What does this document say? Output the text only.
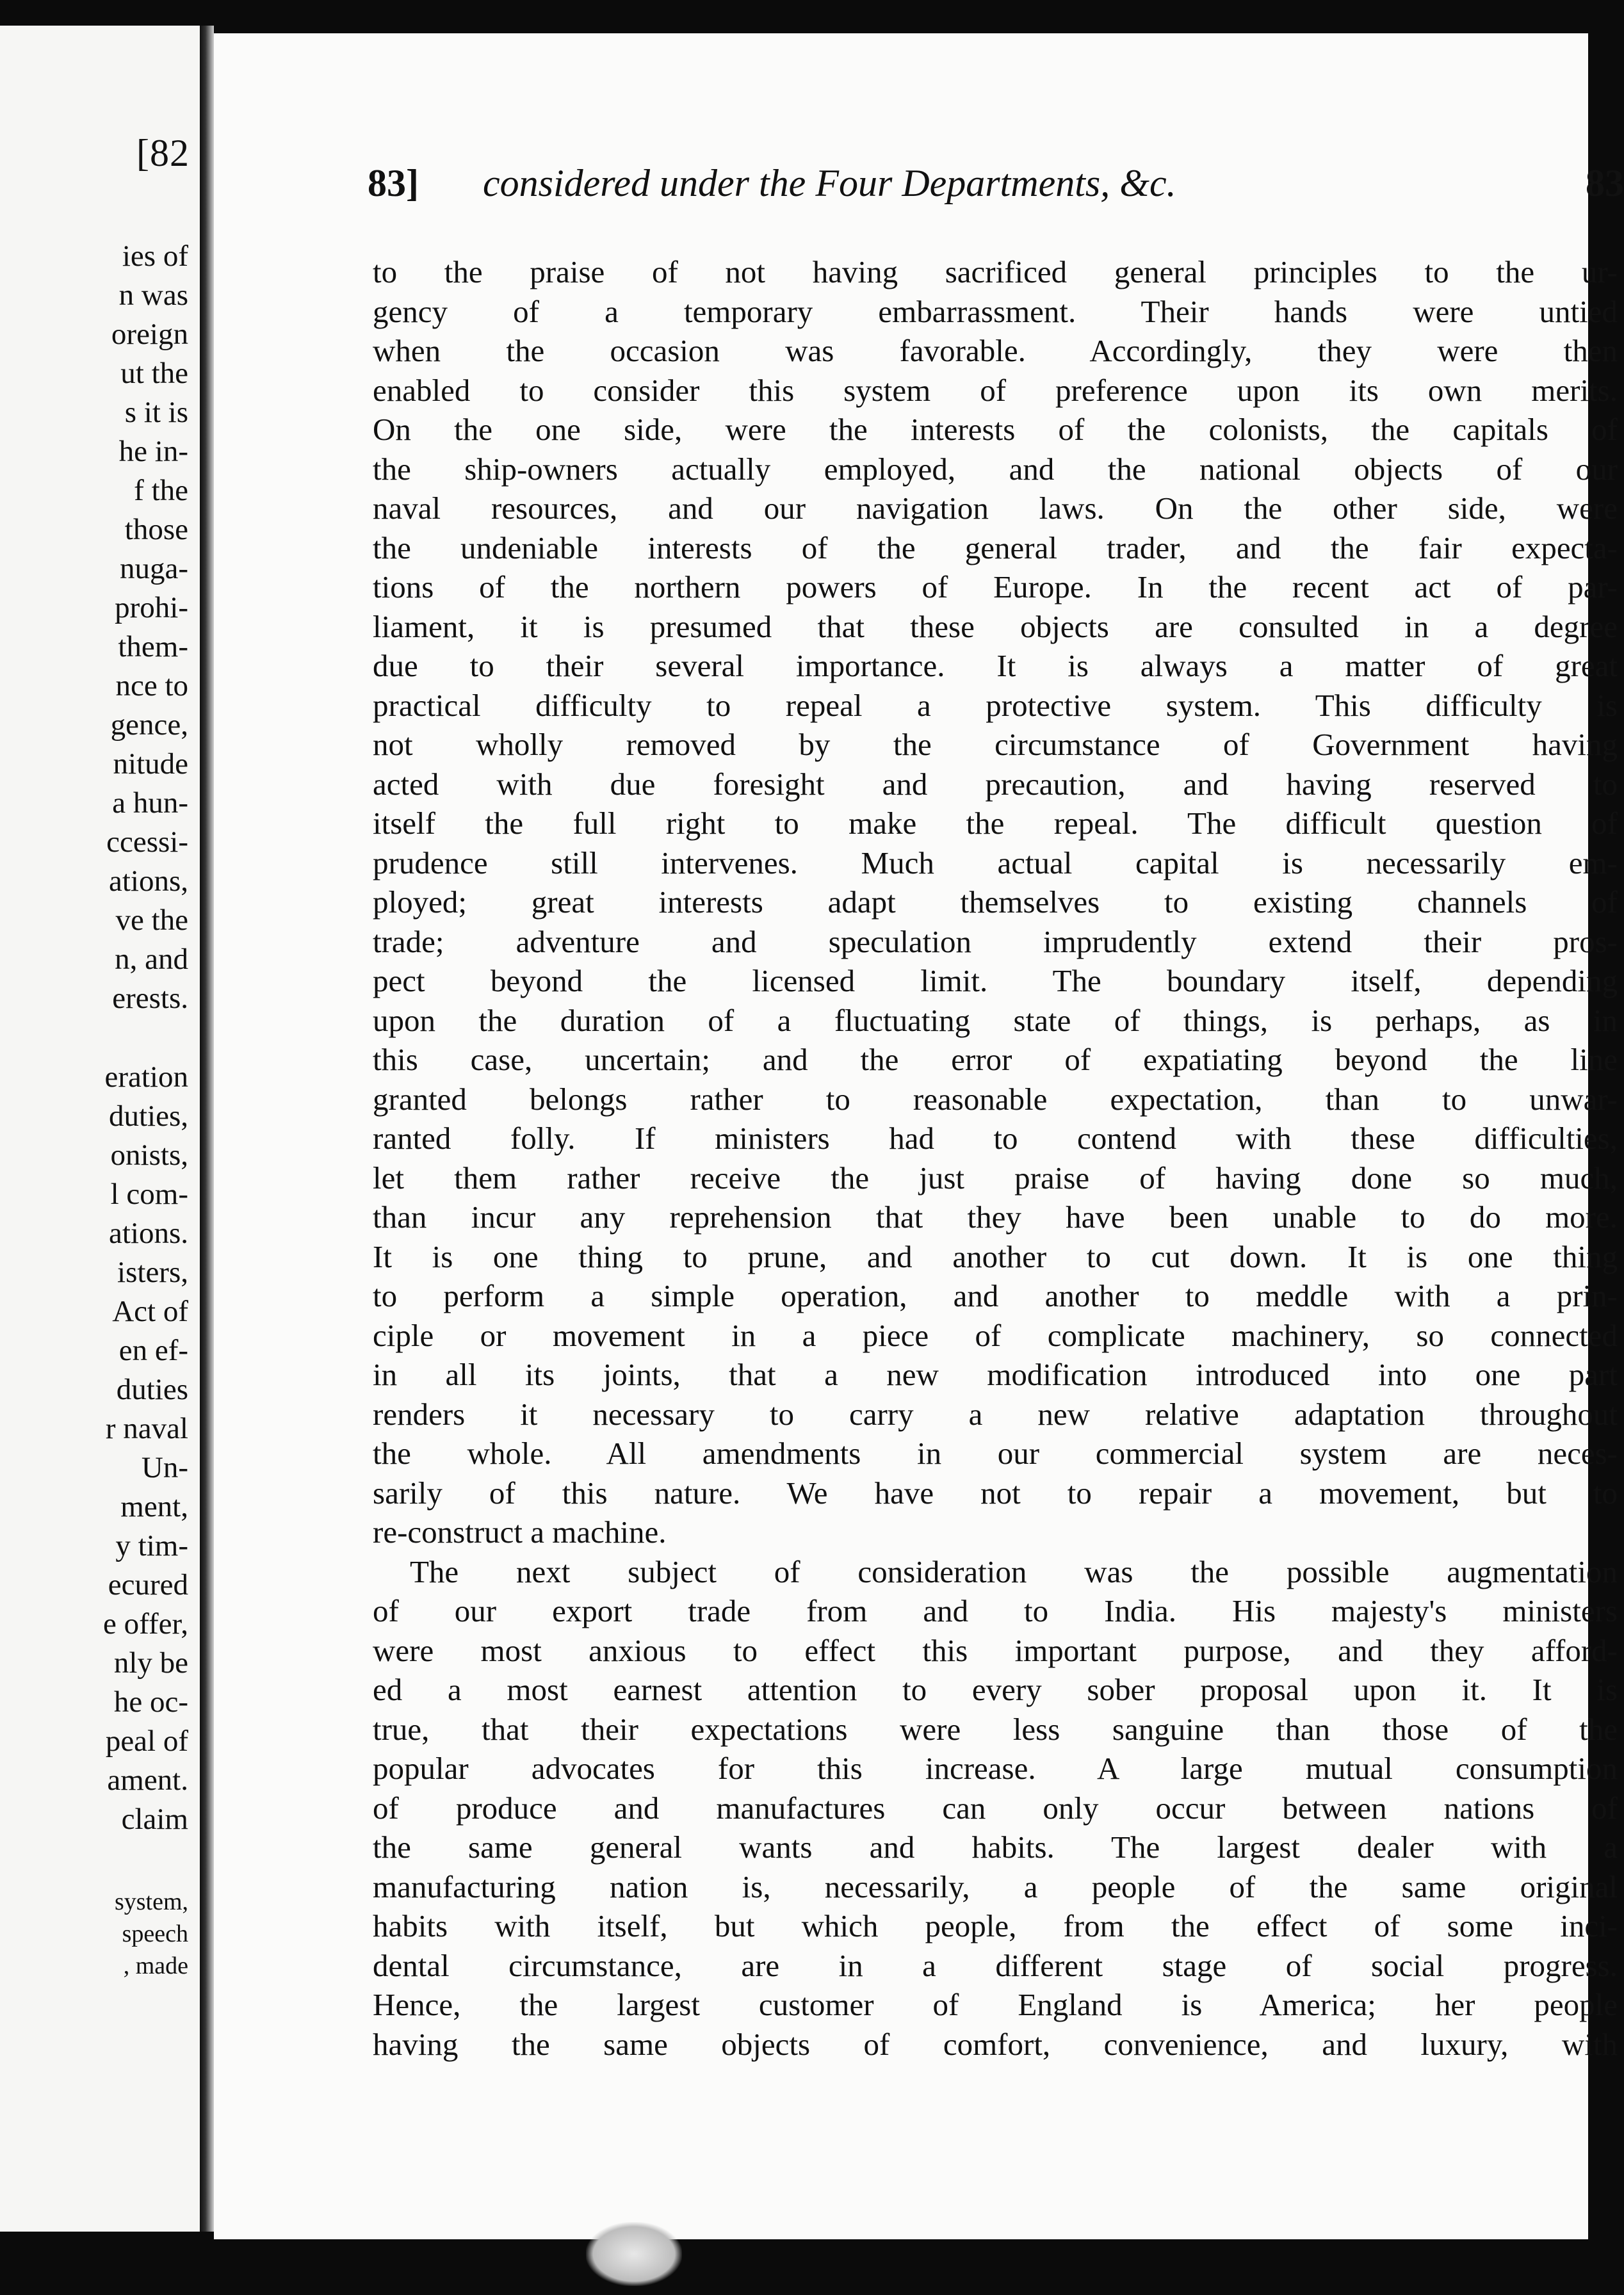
[82
ies of
n was
oreign
ut the
s it is
he in-
f the
those
nuga-
prohi-
them-
nce to
gence,
nitude
a hun-
ccessi-
ations,
ve the
n, and
erests.
eration
duties,
onists,
l com-
ations.
isters,
Act of
en ef-
duties
r naval
Un-
ment,
y tim-
ecured
e offer,
nly be
he oc-
peal of
ament.
claim
system,
speech
, made
83] considered under the Four Departments, &c.	83
to the praise of not having sacrificed general principles to the ur-
gency of a temporary embarrassment. Their hands were untied
when the occasion was favorable. Accordingly, they were then
enabled to consider this system of preference upon its own merits.
On the one side, were the interests of the colonists, the capitals of
the ship-owners actually employed, and the national objects of our
naval resources, and our navigation laws. On the other side, were
the undeniable interests of the general trader, and the fair expecta-
tions of the northern powers of Europe. In the recent act of par-
liament, it is presumed that these objects are consulted in a degree
due to their several importance. It is always a matter of great
practical difficulty to repeal a protective system. This difficulty is
not wholly removed by the circumstance of Government having
acted with due foresight and precaution, and having reserved to
itself the full right to make the repeal. The difficult question of
prudence still intervenes. Much actual capital is necessarily em-
ployed; great interests adapt themselves to existing channels of
trade; adventure and speculation imprudently extend their pros-
pect beyond the licensed limit. The boundary itself, depending
upon the duration of a fluctuating state of things, is perhaps, as in
this case, uncertain; and the error of expatiating beyond the line
granted belongs rather to reasonable expectation, than to unwar-
ranted folly. If ministers had to contend with these difficulties,
let them rather receive the just praise of having done so much,
than incur any reprehension that they have been unable to do more.
It is one thing to prune, and another to cut down. It is one thing
to perform a simple operation, and another to meddle with a prin-
ciple or movement in a piece of complicate machinery, so connected
in all its joints, that a new modification introduced into one part
renders it necessary to carry a new relative adaptation throughout
the whole. All amendments in our commercial system are neces-
sarily of this nature. We have not to repair a movement, but to
re-construct a machine.
The next subject of consideration was the possible augmentation
of our export trade from and to India. His majesty's ministers
were most anxious to effect this important purpose, and they afford-
ed a most earnest attention to every sober proposal upon it. It is
true, that their expectations were less sanguine than those of the
popular advocates for this increase. A large mutual consumption
of produce and manufactures can only occur between nations of
the same general wants and habits. The largest dealer with a
manufacturing nation is, necessarily, a people of the same original
habits with itself, but which people, from the effect of some inci-
dental circumstance, are in a different stage of social progress.
Hence, the largest customer of England is America; her people
having the same objects of comfort, convenience, and luxury, with
